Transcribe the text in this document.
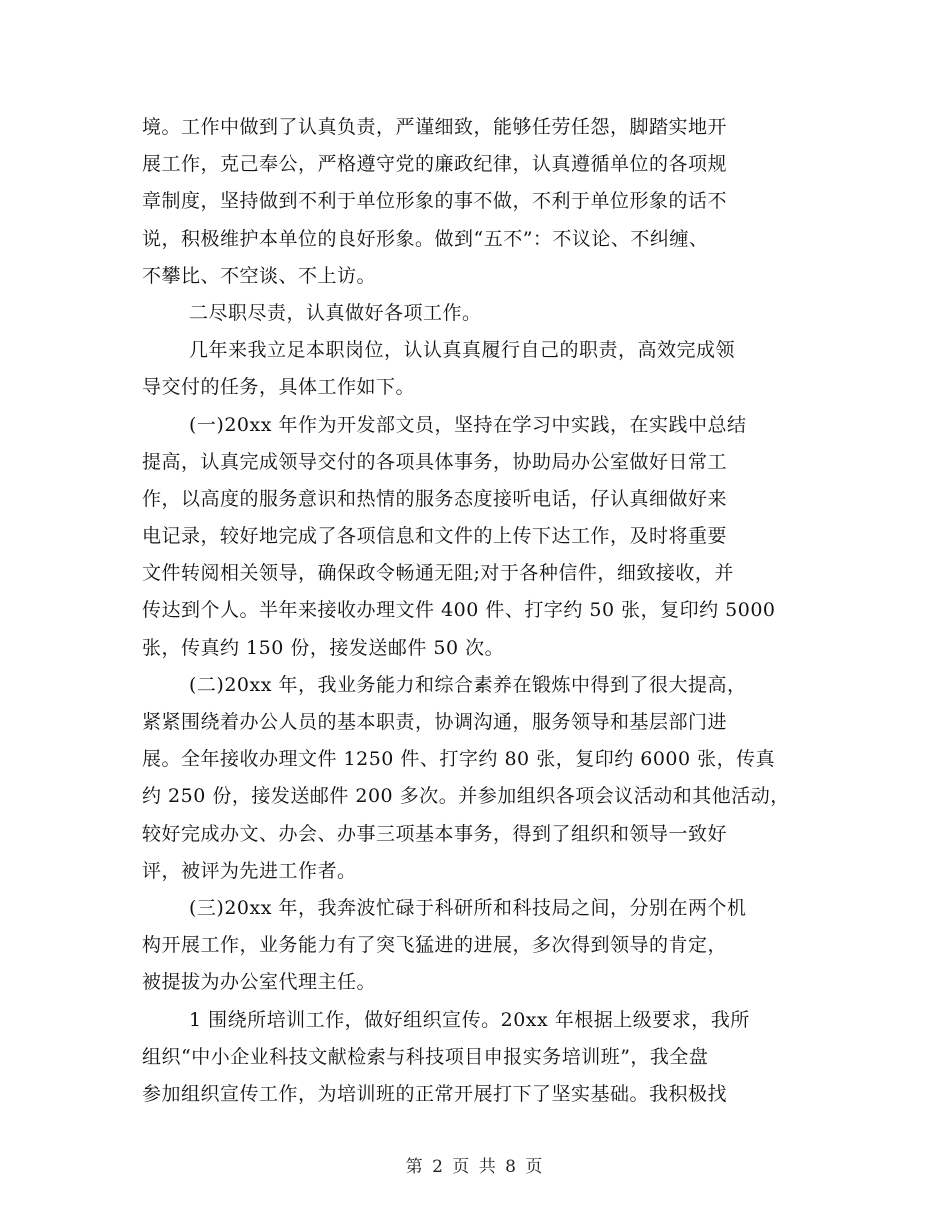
境。工作中做到了认真负责，严谨细致，能够任劳任怨，脚踏实地开
展工作，克己奉公，严格遵守党的廉政纪律，认真遵循单位的各项规
章制度，坚持做到不利于单位形象的事不做，不利于单位形象的话不
说，积极维护本单位的良好形象。做到“五不”：不议论、不纠缠、
不攀比、不空谈、不上访。
二尽职尽责，认真做好各项工作。
几年来我立足本职岗位，认认真真履行自己的职责，高效完成领
导交付的任务，具体工作如下。
(一)20xx 年作为开发部文员，坚持在学习中实践，在实践中总结
提高，认真完成领导交付的各项具体事务，协助局办公室做好日常工
作，以高度的服务意识和热情的服务态度接听电话，仔认真细做好来
电记录，较好地完成了各项信息和文件的上传下达工作，及时将重要
文件转阅相关领导，确保政令畅通无阻;对于各种信件，细致接收，并
传达到个人。半年来接收办理文件 400 件、打字约 50 张，复印约 5000
张，传真约 150 份，接发送邮件 50 次。
(二)20xx 年，我业务能力和综合素养在锻炼中得到了很大提高，
紧紧围绕着办公人员的基本职责，协调沟通，服务领导和基层部门进
展。全年接收办理文件 1250 件、打字约 80 张，复印约 6000 张，传真
约 250 份，接发送邮件 200 多次。并参加组织各项会议活动和其他活动，
较好完成办文、办会、办事三项基本事务，得到了组织和领导一致好
评，被评为先进工作者。
(三)20xx 年，我奔波忙碌于科研所和科技局之间，分别在两个机
构开展工作，业务能力有了突飞猛进的进展，多次得到领导的肯定，
被提拔为办公室代理主任。
1 围绕所培训工作，做好组织宣传。20xx 年根据上级要求，我所
组织“中小企业科技文献检索与科技项目申报实务培训班”，我全盘
参加组织宣传工作，为培训班的正常开展打下了坚实基础。我积极找
第 2 页 共 8 页
